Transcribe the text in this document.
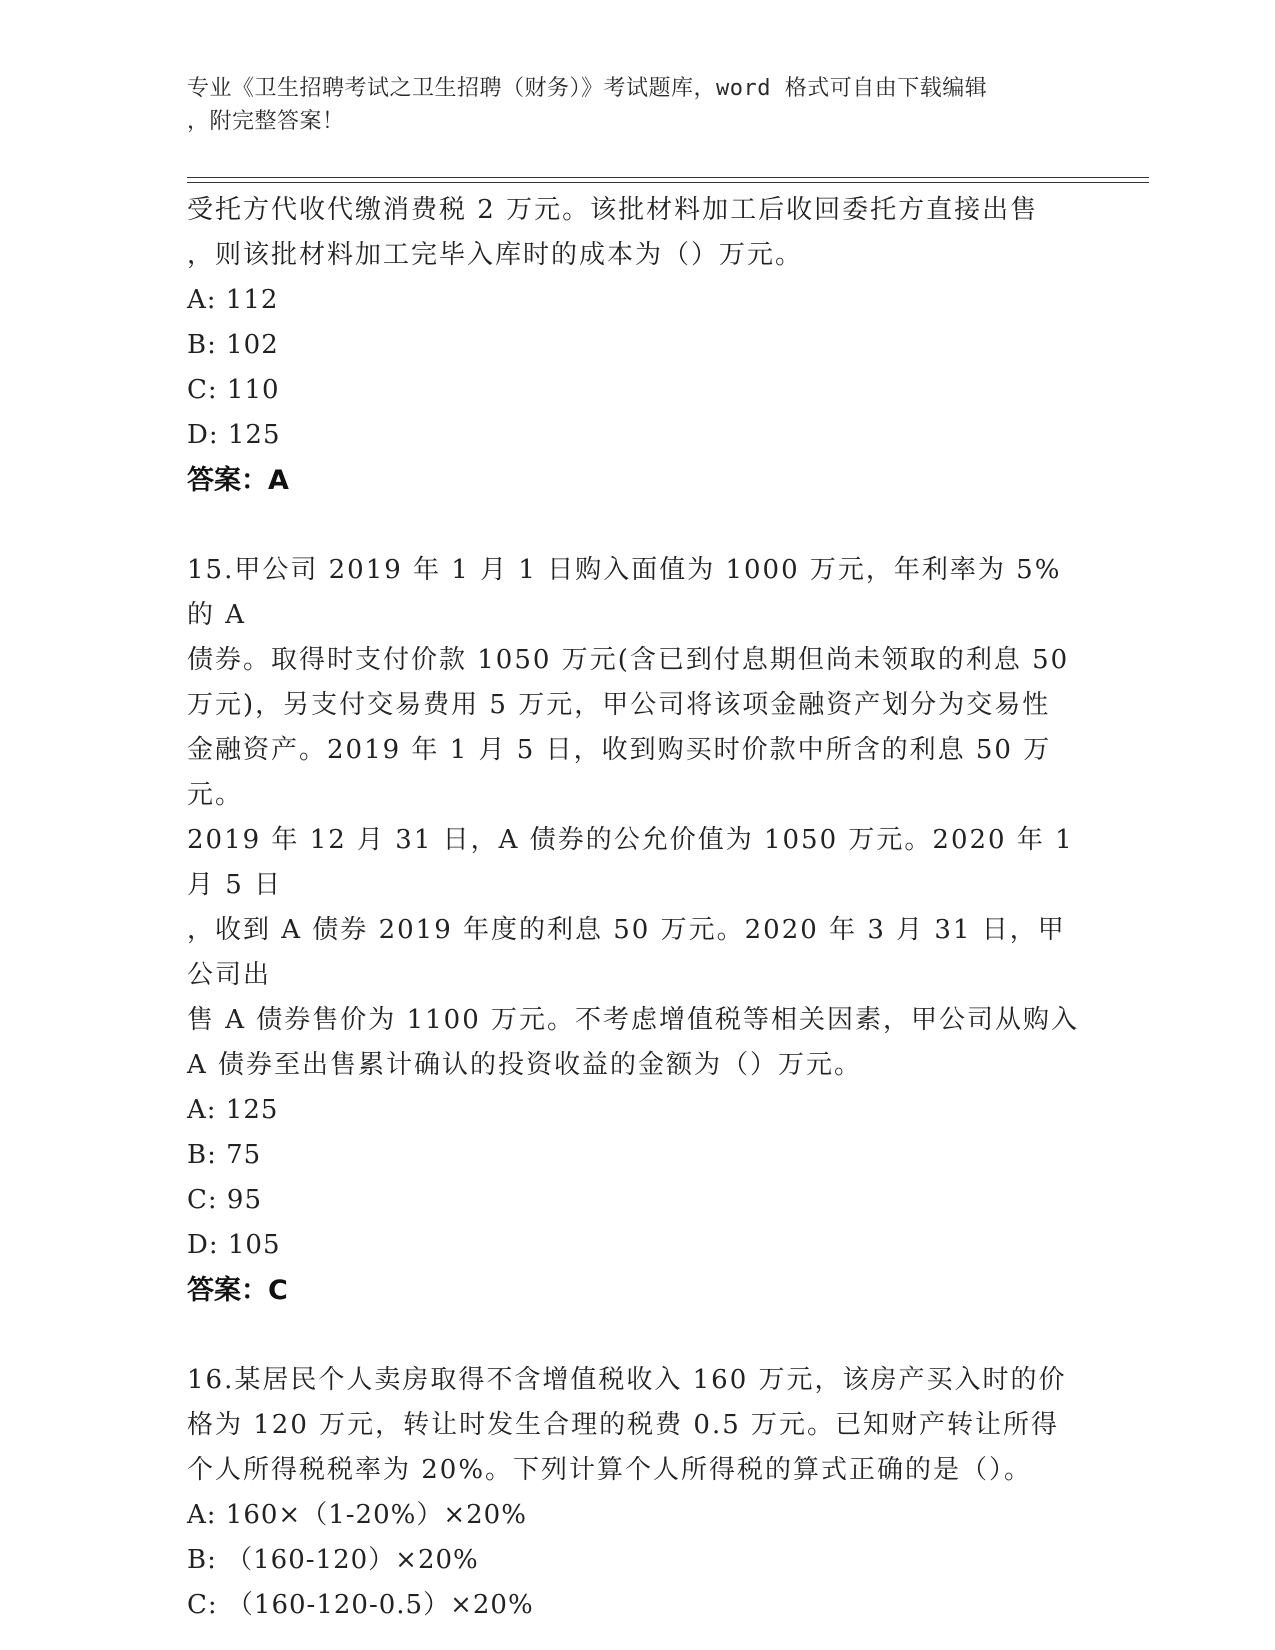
专业《卫生招聘考试之卫生招聘（财务）》考试题库，word 格式可自由下载编辑
，附完整答案！

受托方代收代缴消费税 2 万元。该批材料加工后收回委托方直接出售

，则该批材料加工完毕入库时的成本为（）万元。

A: 112

B: 102

C: 110

D: 125

答案：A

15.甲公司 2019 年 1 月 1 日购入面值为 1000 万元，年利率为 5%的 A

债券。取得时支付价款 1050 万元(含已到付息期但尚未领取的利息 50

万元)，另支付交易费用 5 万元，甲公司将该项金融资产划分为交易性

金融资产。2019 年 1 月 5 日，收到购买时价款中所含的利息 50 万元。

2019 年 12 月 31 日，A 债券的公允价值为 1050 万元。2020 年 1 月 5 日

，收到 A 债券 2019 年度的利息 50 万元。2020 年 3 月 31 日，甲公司出

售 A 债券售价为 1100 万元。不考虑增值税等相关因素，甲公司从购入

A 债券至出售累计确认的投资收益的金额为（）万元。

A: 125

B: 75

C: 95

D: 105

答案：C

16.某居民个人卖房取得不含增值税收入 160 万元，该房产买入时的价

格为 120 万元，转让时发生合理的税费 0.5 万元。已知财产转让所得

个人所得税税率为 20%。下列计算个人所得税的算式正确的是（）。

A: 160×（1-20%）×20%

B: （160-120）×20%

C: （160-120-0.5）×20%
